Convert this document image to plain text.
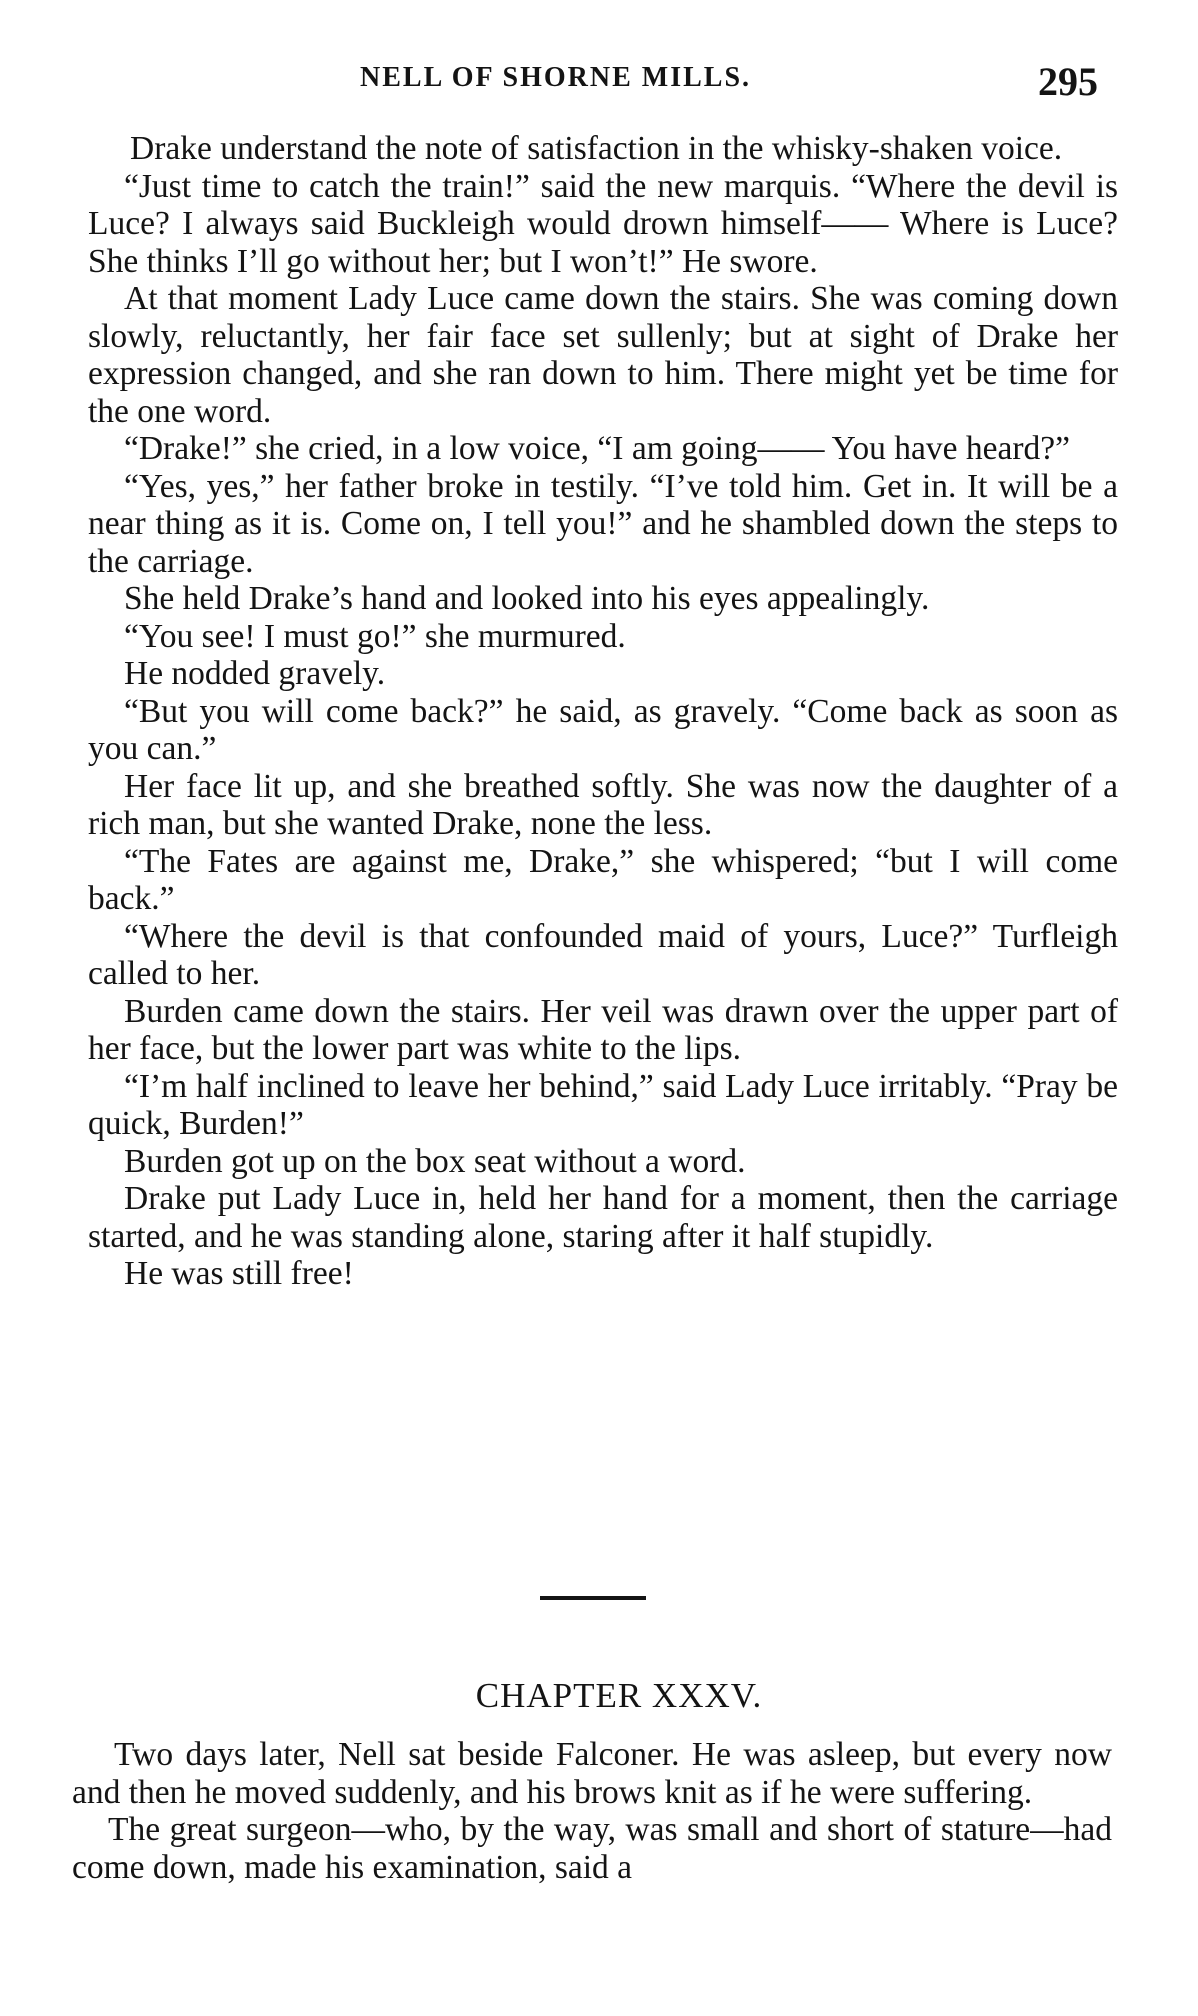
NELL OF SHORNE MILLS.	295

Drake understand the note of satisfaction in the whisky-shaken voice.

“Just time to catch the train!” said the new marquis. “Where the devil is Luce? I always said Buckleigh would drown himself—— Where is Luce? She thinks I’ll go without her; but I won’t!” He swore.

At that moment Lady Luce came down the stairs. She was coming down slowly, reluctantly, her fair face set sullenly; but at sight of Drake her expression changed, and she ran down to him. There might yet be time for the one word.

“Drake!” she cried, in a low voice, “I am going—— You have heard?”

“Yes, yes,” her father broke in testily. “I’ve told him. Get in. It will be a near thing as it is. Come on, I tell you!” and he shambled down the steps to the carriage.

She held Drake’s hand and looked into his eyes appealingly.

“You see! I must go!” she murmured.

He nodded gravely.

“But you will come back?” he said, as gravely. “Come back as soon as you can.”

Her face lit up, and she breathed softly. She was now the daughter of a rich man, but she wanted Drake, none the less.

“The Fates are against me, Drake,” she whispered; “but I will come back.”

“Where the devil is that confounded maid of yours, Luce?” Turfleigh called to her.

Burden came down the stairs. Her veil was drawn over the upper part of her face, but the lower part was white to the lips.

“I’m half inclined to leave her behind,” said Lady Luce irritably. “Pray be quick, Burden!”

Burden got up on the box seat without a word.

Drake put Lady Luce in, held her hand for a moment, then the carriage started, and he was standing alone, staring after it half stupidly.

He was still free!

CHAPTER XXXV.

Two days later, Nell sat beside Falconer. He was asleep, but every now and then he moved suddenly, and his brows knit as if he were suffering.

The great surgeon—who, by the way, was small and short of stature—had come down, made his examination, said a
